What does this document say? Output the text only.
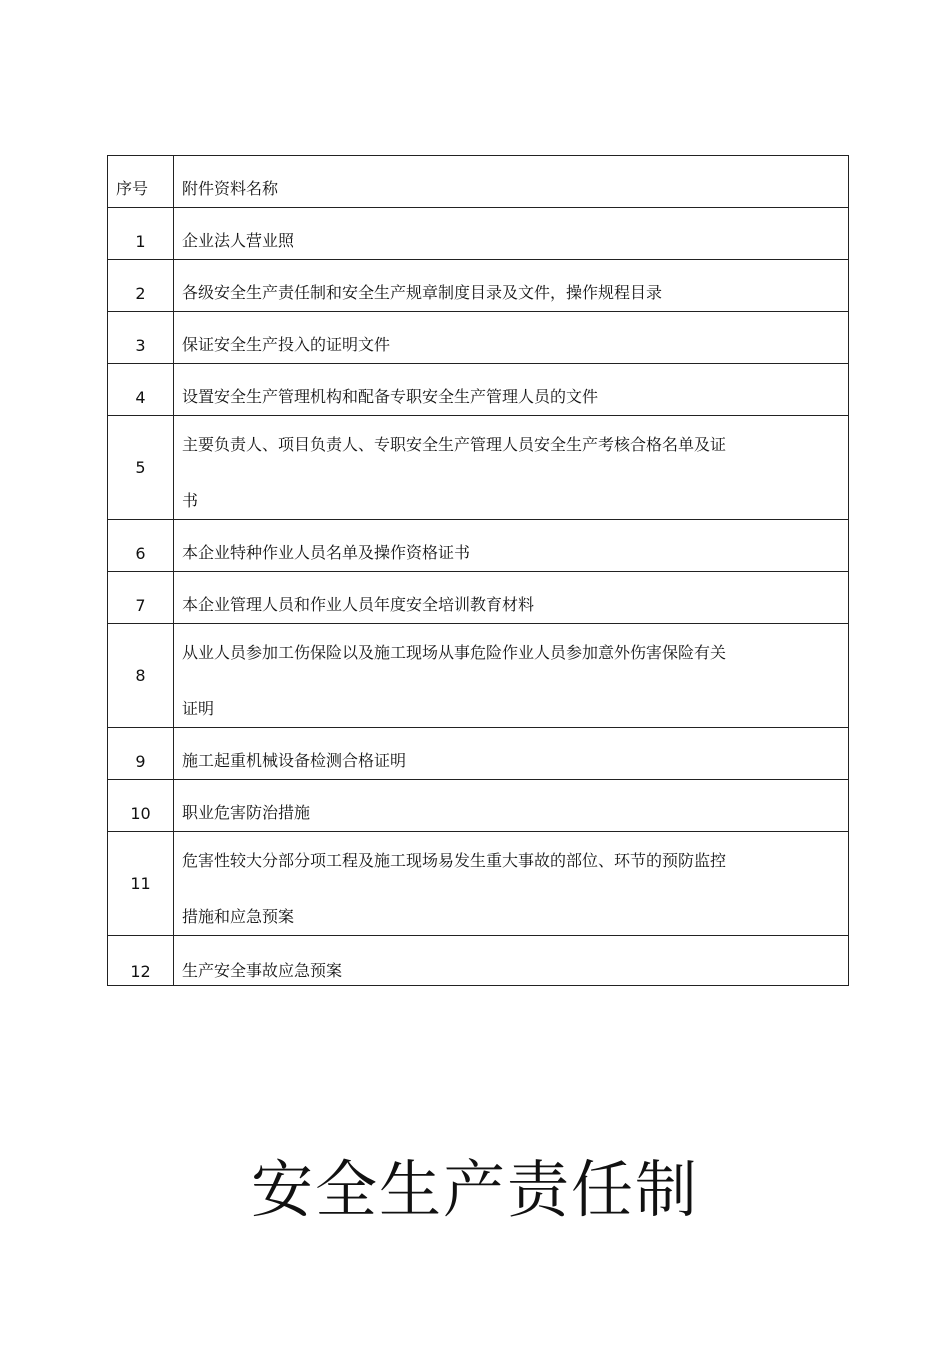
序号	附件资料名称

1	企业法人营业照

2	各级安全生产责任制和安全生产规章制度目录及文件，操作规程目录

3	保证安全生产投入的证明文件

4	设置安全生产管理机构和配备专职安全生产管理人员的文件

5	主要负责人、项目负责人、专职安全生产管理人员安全生产考核合格名单及证
书

6	本企业特种作业人员名单及操作资格证书

7	本企业管理人员和作业人员年度安全培训教育材料

8	从业人员参加工伤保险以及施工现场从事危险作业人员参加意外伤害保险有关
证明

9	施工起重机械设备检测合格证明

10	职业危害防治措施

11	危害性较大分部分项工程及施工现场易发生重大事故的部位、环节的预防监控
措施和应急预案

12	生产安全事故应急预案
安全生产责任制
